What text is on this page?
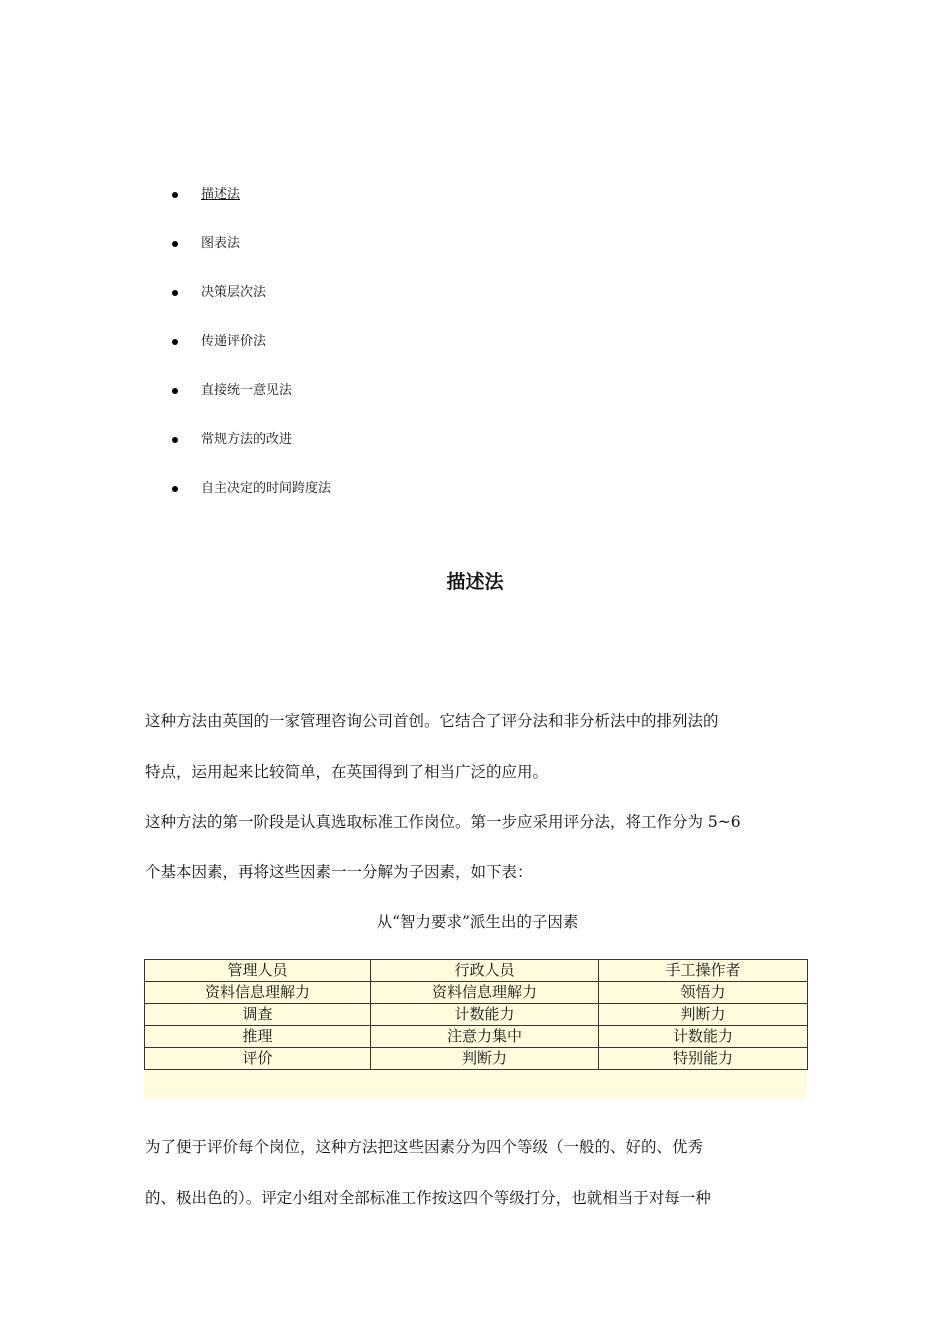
描述法
图表法
决策层次法
传递评价法
直接统一意见法
常规方法的改进
自主决定的时间跨度法
描述法

这种方法由英国的一家管理咨询公司首创。它结合了评分法和非分析法中的排列法的

特点，运用起来比较简单，在英国得到了相当广泛的应用。

这种方法的第一阶段是认真选取标准工作岗位。第一步应采用评分法，将工作分为 5~6

个基本因素，再将这些因素一一分解为子因素，如下表：

从“智力要求”派生出的子因素

管理人员	行政人员	手工操作者
资料信息理解力	资料信息理解力	领悟力
调查	计数能力	判断力
推理	注意力集中	计数能力
评价	判断力	特别能力

为了便于评价每个岗位，这种方法把这些因素分为四个等级（一般的、好的、优秀

的、极出色的）。评定小组对全部标准工作按这四个等级打分，也就相当于对每一种
